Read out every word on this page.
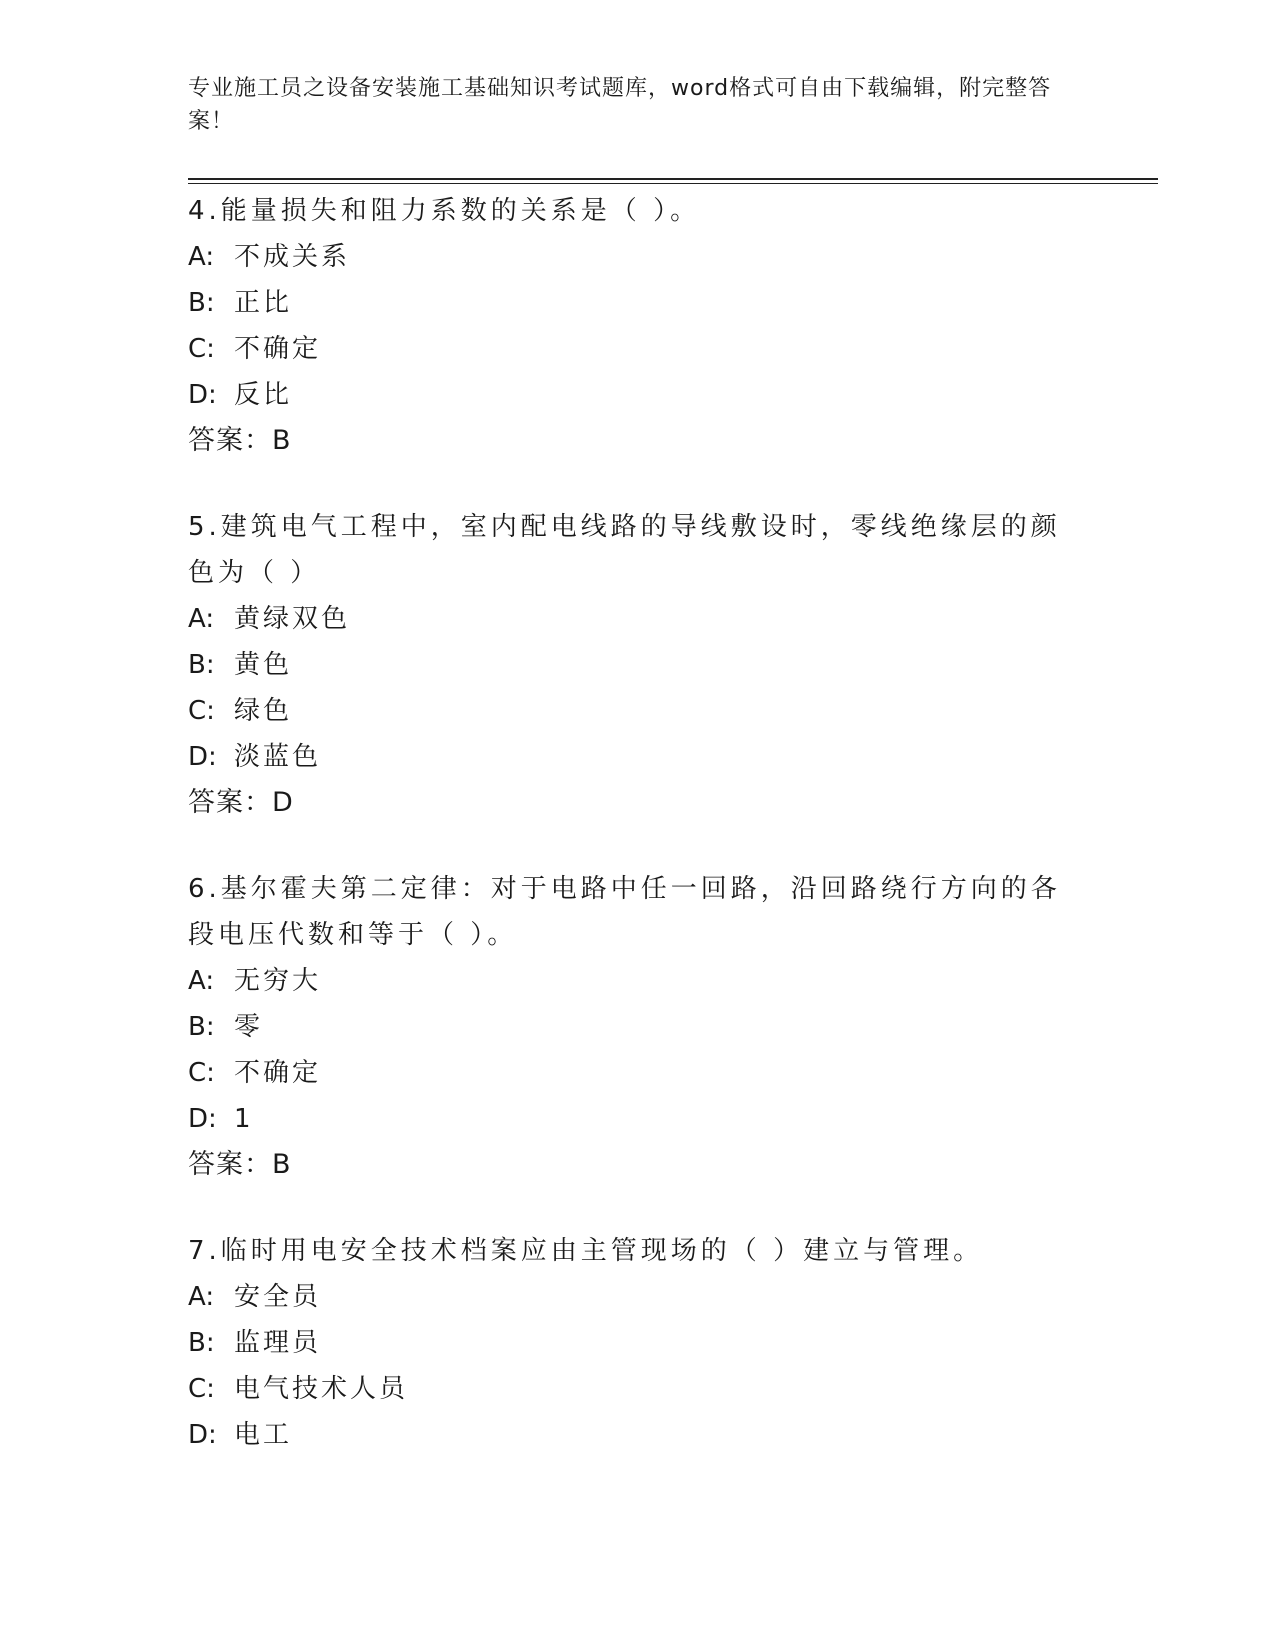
专业施工员之设备安装施工基础知识考试题库，word格式可自由下载编辑，附完整答案！

4.能量损失和阻力系数的关系是（ ）。

A: 不成关系

B: 正比

C: 不确定

D: 反比

答案：B

5.建筑电气工程中，室内配电线路的导线敷设时，零线绝缘层的颜色为（ ）

A: 黄绿双色

B: 黄色

C: 绿色

D: 淡蓝色

答案：D

6.基尔霍夫第二定律：对于电路中任一回路，沿回路绕行方向的各段电压代数和等于（ ）。

A: 无穷大

B: 零

C: 不确定

D: 1

答案：B

7.临时用电安全技术档案应由主管现场的（ ）建立与管理。

A: 安全员

B: 监理员

C: 电气技术人员

D: 电工
